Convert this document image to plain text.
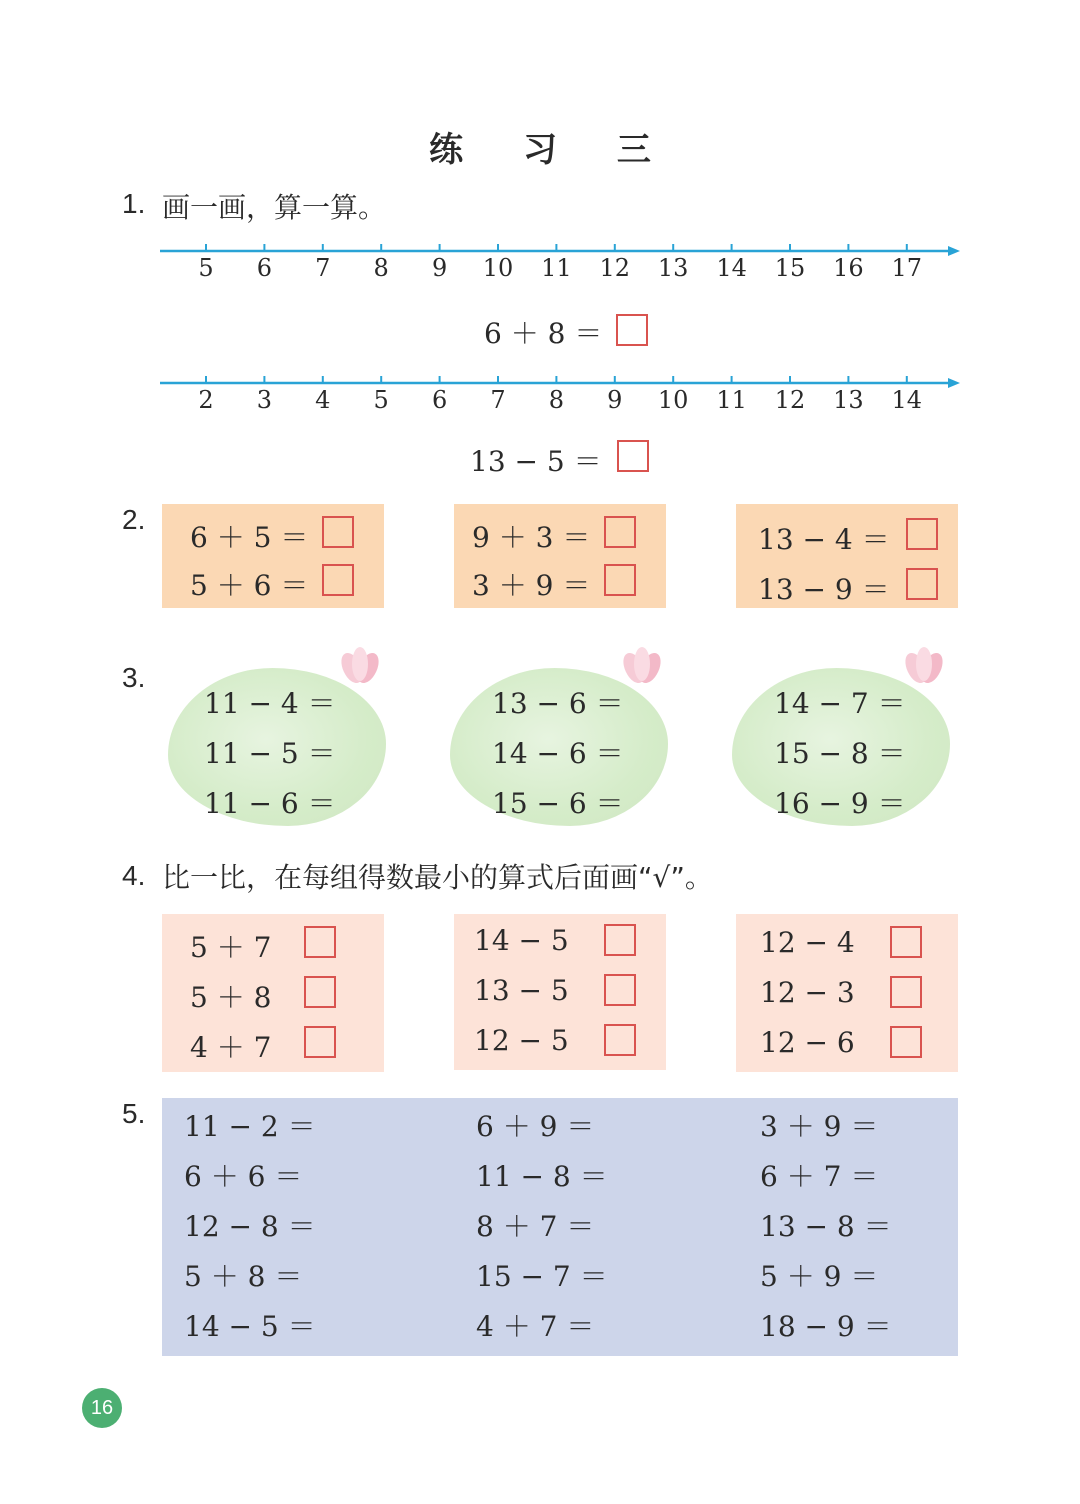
练 习 三
1. 画一画，算一算。
5	6	7	8	9	10 11 12 13 14 15 16 17
6 ＋ 8 ＝
2	3	4	5	6	7	8	9	10 11 12 13 14
13 − 5 ＝
2.
6 ＋ 5 ＝
5 ＋ 6 ＝
9 ＋ 3 ＝
3 ＋ 9 ＝
13 − 4 ＝
13 − 9 ＝
3.
11 − 4 ＝
11 − 5 ＝
11 − 6 ＝
13 − 6 ＝
14 − 6 ＝
15 − 6 ＝
14 − 7 ＝
15 − 8 ＝
16 − 9 ＝
4. 比一比，在每组得数最小的算式后面画“√”。
5 ＋ 7
5 ＋ 8
4 ＋ 7
14 − 5
13 − 5
12 − 5
12 − 4
12 − 3
12 − 6
5. 11 − 2 ＝
6 ＋ 6 ＝
12 − 8 ＝
5 ＋ 8 ＝
14 − 5 ＝
6 ＋ 9 ＝
11 − 8 ＝
8 ＋ 7 ＝
15 − 7 ＝
4 ＋ 7 ＝
3 ＋ 9 ＝
6 ＋ 7 ＝
13 − 8 ＝
5 ＋ 9 ＝
18 − 9 ＝
16
